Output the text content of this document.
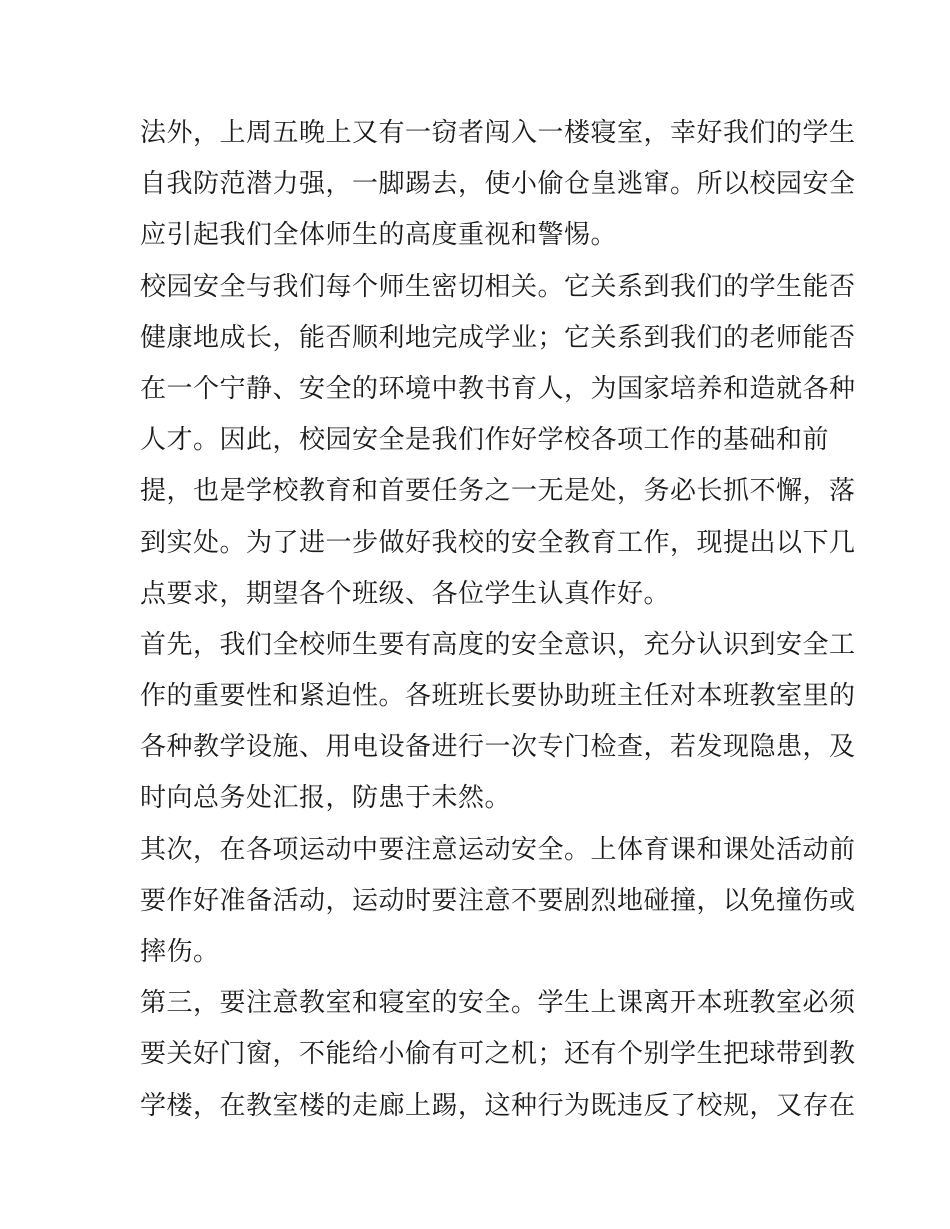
法外，上周五晚上又有一窃者闯入一楼寝室，幸好我们的学生
自我防范潜力强，一脚踢去，使小偷仓皇逃窜。所以校园安全
应引起我们全体师生的高度重视和警惕。
校园安全与我们每个师生密切相关。它关系到我们的学生能否
健康地成长，能否顺利地完成学业；它关系到我们的老师能否
在一个宁静、安全的环境中教书育人，为国家培养和造就各种
人才。因此，校园安全是我们作好学校各项工作的基础和前
提，也是学校教育和首要任务之一无是处，务必长抓不懈，落
到实处。为了进一步做好我校的安全教育工作，现提出以下几
点要求，期望各个班级、各位学生认真作好。
首先，我们全校师生要有高度的安全意识，充分认识到安全工
作的重要性和紧迫性。各班班长要协助班主任对本班教室里的
各种教学设施、用电设备进行一次专门检查，若发现隐患，及
时向总务处汇报，防患于未然。
其次，在各项运动中要注意运动安全。上体育课和课处活动前
要作好准备活动，运动时要注意不要剧烈地碰撞，以免撞伤或
摔伤。
第三，要注意教室和寝室的安全。学生上课离开本班教室必须
要关好门窗，不能给小偷有可之机；还有个别学生把球带到教
学楼，在教室楼的走廊上踢，这种行为既违反了校规，又存在
